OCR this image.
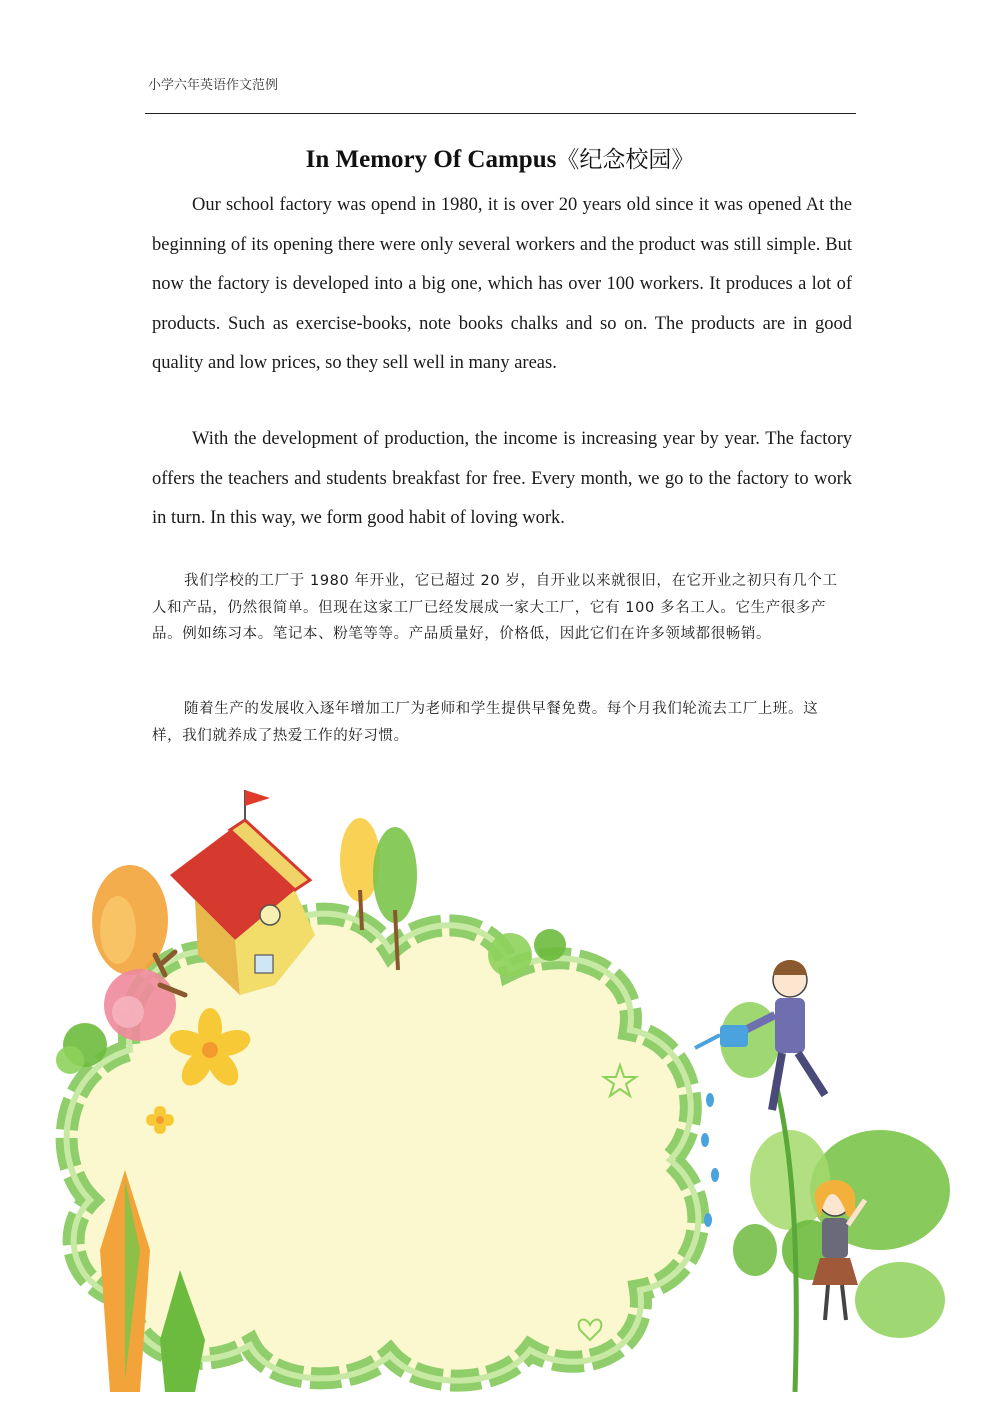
小学六年英语作文范例
In Memory Of Campus《纪念校园》

Our school factory was opend in 1980, it is over 20 years old since it was opened At the beginning of its opening there were only several workers and the product was still simple. But now the factory is developed into a big one, which has over 100 workers. It produces a lot of products. Such as exercise-books, note books chalks and so on. The products are in good quality and low prices, so they sell well in many areas.

With the development of production, the income is increasing year by year. The factory offers the teachers and students breakfast for free. Every month, we go to the factory to work in turn. In this way, we form good habit of loving work.

我们学校的工厂于 1980 年开业，它已超过 20 岁，自开业以来就很旧，在它开业之初只有几个工人和产品，仍然很简单。但现在这家工厂已经发展成一家大工厂，它有 100 多名工人。它生产很多产品。例如练习本。笔记本、粉笔等等。产品质量好，价格低，因此它们在许多领域都很畅销。

随着生产的发展收入逐年增加工厂为老师和学生提供早餐免费。每个月我们轮流去工厂上班。这样，我们就养成了热爱工作的好习惯。
